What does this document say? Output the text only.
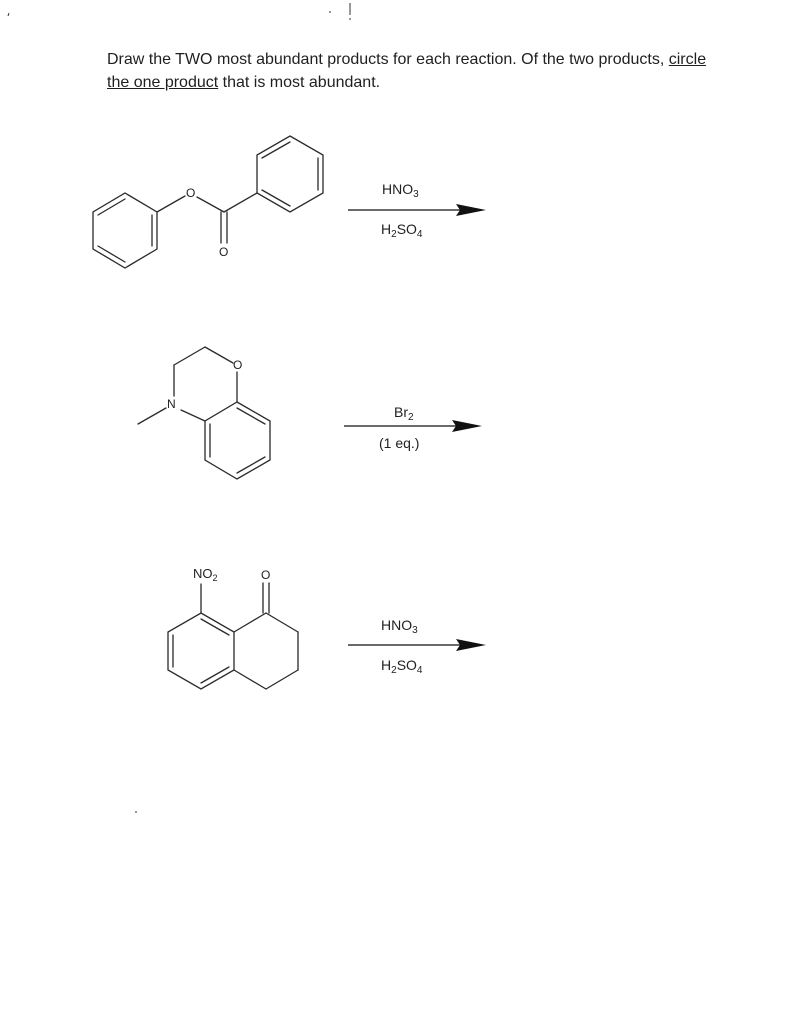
Draw the TWO most abundant products for each reaction. Of the two products, circle
the one product that is most abundant.
O
O
$HNO_3$
$H_2SO_4$
O
N	$Br_2$
(1 eq.)
$NO_2$	O
$HNO_3$
$H_2SO_4$
